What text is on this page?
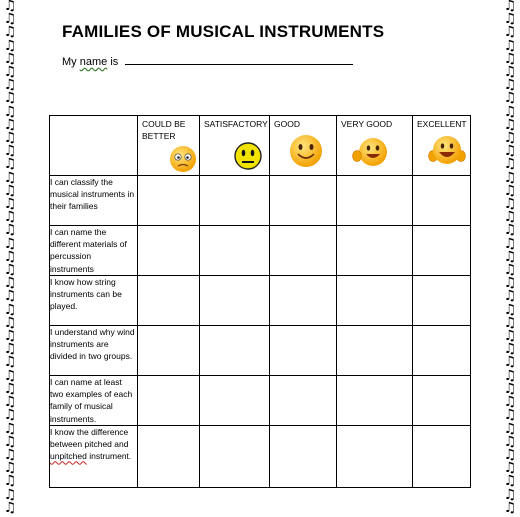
♫
♫
♫
♫
♫
♫
♫
♫
♫
♫
♫
♫
♫
♫
♫
♫
♫
♫
♫
♫
♫
♫
♫
♫
♫
♫
♫
♫
♫
♫
♫
♫
♫
♫
♫
♫
♫
♫
♫
♫
♫
♫
♫
♫
♫
♫
♫
♫
♫
♫
♫
♫
♫
♫
♫
♫
♫
♫
♫
♫
♫
♫
♫
♫
♫
♫
♫
♫
♫
♫
♫
♫
♫
♫
♫
♫
♫
♫
FAMILIES OF MUSICAL INSTRUMENTS
My name is

	COULD BE BETTER	SATISFACTORY	GOOD	VERY GOOD	EXCELLENT

I can classify the musical instruments in their families					
I can name the different materials of percussion instruments					
I know how string instruments can be played.					
I understand why wind instruments are divided in two groups.					
I can name at least two examples of each family of musical instruments.					
I know the difference between pitched and unpitched instrument.					
